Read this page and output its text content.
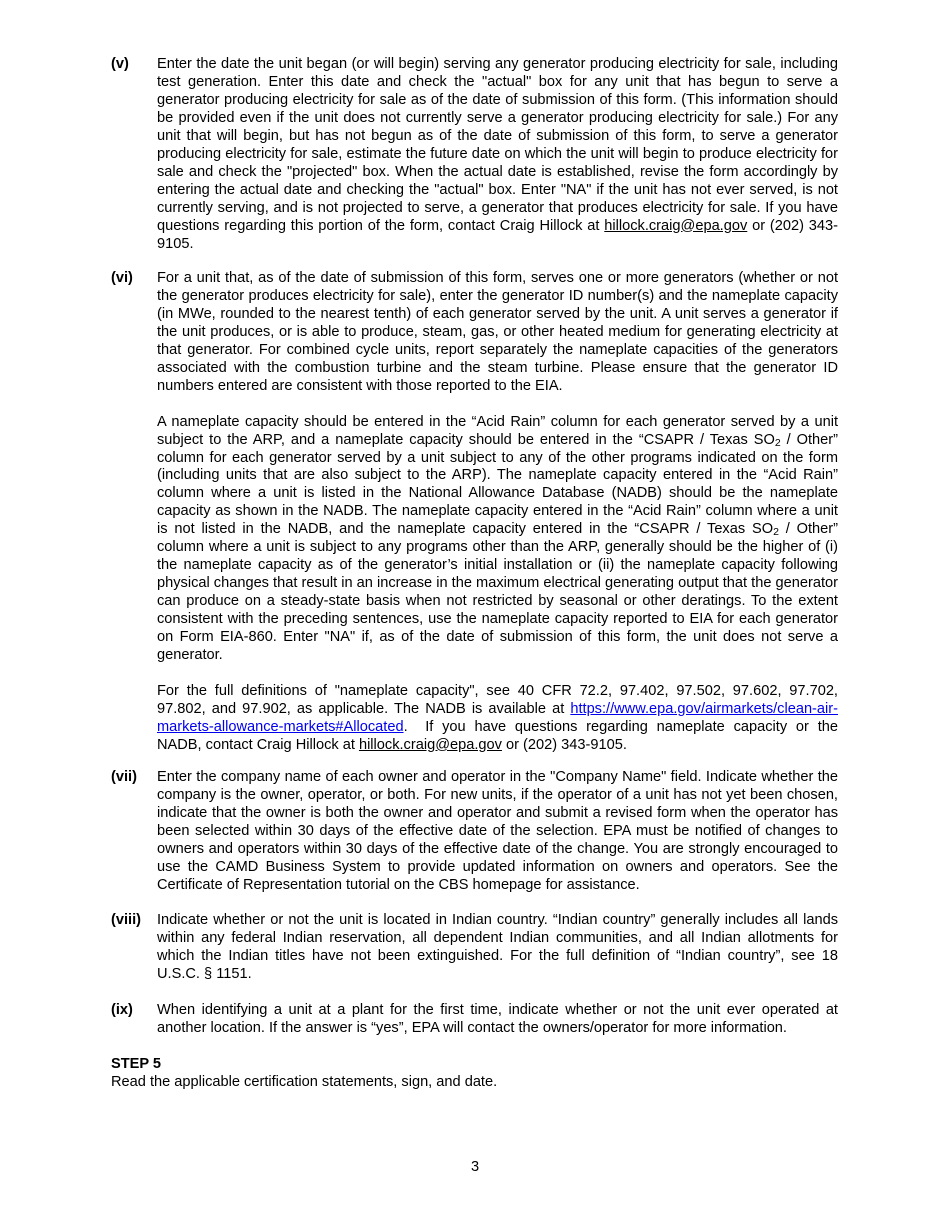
(v) Enter the date the unit began (or will begin) serving any generator producing electricity for sale, including test generation. Enter this date and check the "actual" box for any unit that has begun to serve a generator producing electricity for sale as of the date of submission of this form. (This information should be provided even if the unit does not currently serve a generator producing electricity for sale.) For any unit that will begin, but has not begun as of the date of submission of this form, to serve a generator producing electricity for sale, estimate the future date on which the unit will begin to produce electricity for sale and check the "projected" box. When the actual date is established, revise the form accordingly by entering the actual date and checking the "actual" box. Enter "NA" if the unit has not ever served, is not currently serving, and is not projected to serve, a generator that produces electricity for sale. If you have questions regarding this portion of the form, contact Craig Hillock at hillock.craig@epa.gov or (202) 343-9105.

(vi) For a unit that, as of the date of submission of this form, serves one or more generators (whether or not the generator produces electricity for sale), enter the generator ID number(s) and the nameplate capacity (in MWe, rounded to the nearest tenth) of each generator served by the unit. A unit serves a generator if the unit produces, or is able to produce, steam, gas, or other heated medium for generating electricity at that generator. For combined cycle units, report separately the nameplate capacities of the generators associated with the combustion turbine and the steam turbine. Please ensure that the generator ID numbers entered are consistent with those reported to the EIA.

A nameplate capacity should be entered in the “Acid Rain” column for each generator served by a unit subject to the ARP, and a nameplate capacity should be entered in the “CSAPR / Texas $SO_2$ / Other” column for each generator served by a unit subject to any of the other programs indicated on the form (including units that are also subject to the ARP). The nameplate capacity entered in the “Acid Rain” column where a unit is listed in the National Allowance Database (NADB) should be the nameplate capacity as shown in the NADB. The nameplate capacity entered in the “Acid Rain” column where a unit is not listed in the NADB, and the nameplate capacity entered in the “CSAPR / Texas $SO_2$ / Other” column where a unit is subject to any programs other than the ARP, generally should be the higher of (i) the nameplate capacity as of the generator’s initial installation or (ii) the nameplate capacity following physical changes that result in an increase in the maximum electrical generating output that the generator can produce on a steady-state basis when not restricted by seasonal or other deratings. To the extent consistent with the preceding sentences, use the nameplate capacity reported to EIA for each generator on Form EIA-860. Enter "NA" if, as of the date of submission of this form, the unit does not serve a generator.

For the full definitions of "nameplate capacity", see 40 CFR 72.2, 97.402, 97.502, 97.602, 97.702, 97.802, and 97.902, as applicable. The NADB is available at https://www.epa.gov/airmarkets/clean-air-markets-allowance-markets#Allocated.  If you have questions regarding nameplate capacity or the NADB, contact Craig Hillock at hillock.craig@epa.gov or (202) 343-9105.

(vii) Enter the company name of each owner and operator in the "Company Name" field. Indicate whether the company is the owner, operator, or both. For new units, if the operator of a unit has not yet been chosen, indicate that the owner is both the owner and operator and submit a revised form when the operator has been selected within 30 days of the effective date of the selection. EPA must be notified of changes to owners and operators within 30 days of the effective date of the change. You are strongly encouraged to use the CAMD Business System to provide updated information on owners and operators. See the Certificate of Representation tutorial on the CBS homepage for assistance.

(viii) Indicate whether or not the unit is located in Indian country. “Indian country” generally includes all lands within any federal Indian reservation, all dependent Indian communities, and all Indian allotments for which the Indian titles have not been extinguished. For the full definition of “Indian country”, see 18 U.S.C. § 1151.

(ix) When identifying a unit at a plant for the first time, indicate whether or not the unit ever operated at another location. If the answer is “yes”, EPA will contact the owners/operator for more information.

STEP 5
Read the applicable certification statements, sign, and date.
3
